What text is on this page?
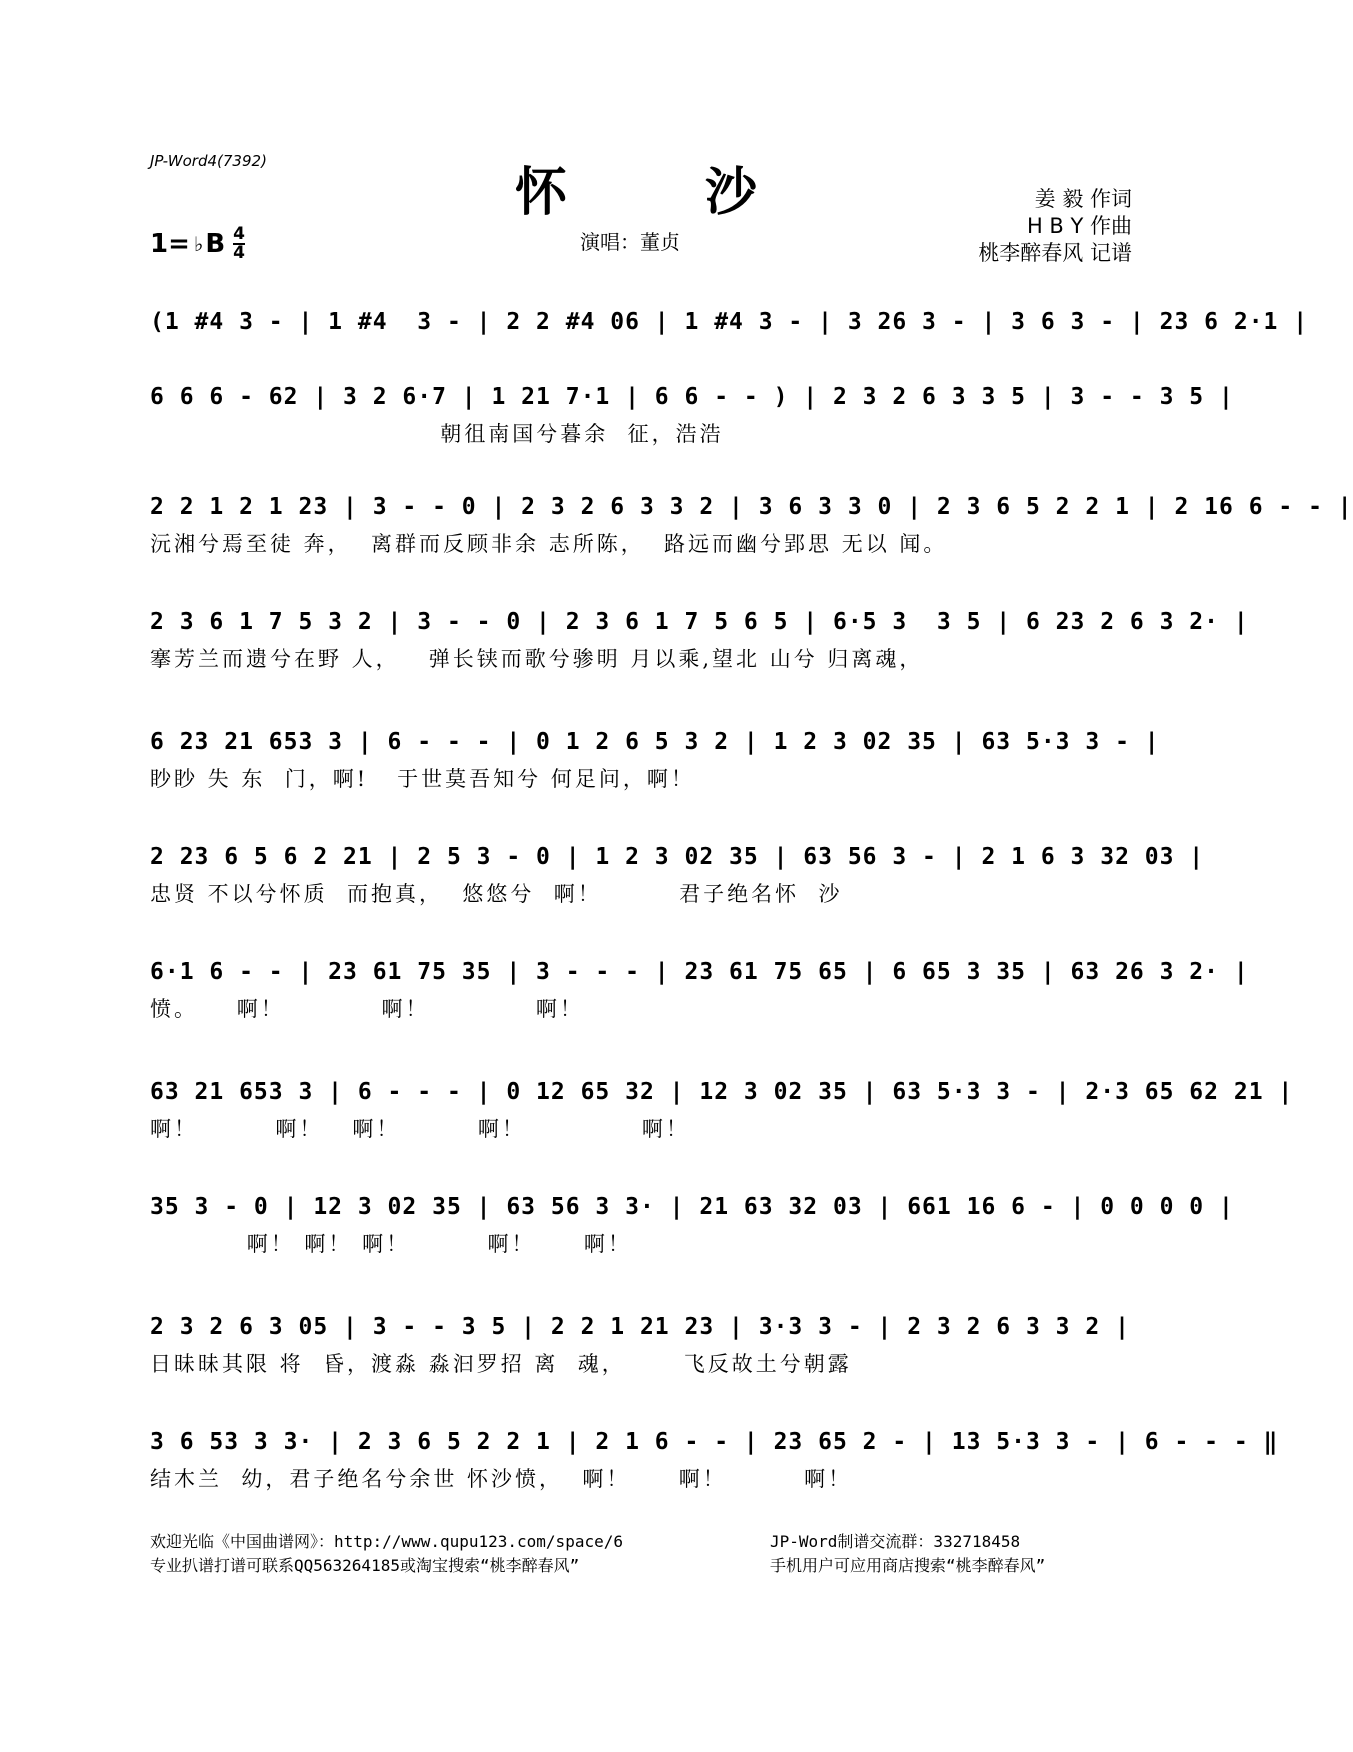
JP-Word4(7392)
怀 沙	姜 毅 作词
H B Y 作曲
桃李醉春风 记谱
1= ♭ B 4
4	演唱：董贞
(1 #4 3 - | 1 #4  3 - | 2 2 #4 06 | 1 #4 3 - | 3 26 3 - | 3 6 3 - | 23 6 2·1 |
6 6 6 - 62 | 3 2 6·7 | 1 21 7·1 | 6 6 - - ) | 2 3 2 6 3 3 5 | 3 - - 3 5 |
朝徂南国兮暮余  征，浩浩
2 2 1 2 1 23 | 3 - - 0 | 2 3 2 6 3 3 2 | 3 6 3 3 0 | 2 3 6 5 2 2 1 | 2 16 6 - - |
沅湘兮焉至徒 奔，  离群而反顾非余 志所陈，  路远而幽兮郢思 无以 闻。
2 3 6 1 7 5 3 2 | 3 - - 0 | 2 3 6 1 7 5 6 5 | 6·5 3  3 5 | 6 23 2 6 3 2· |
搴芳兰而遗兮在野 人，   弹长铗而歌兮骖明 月以乘,望北 山兮 归离魂，
6 23 21 653 3 | 6 - - - | 0 1 2 6 5 3 2 | 1 2 3 02 35 | 63 5·3 3 - |
眇眇 失 东  门，啊!   于世莫吾知兮 何足问，啊！
2 23 6 5 6 2 21 | 2 5 3 - 0 | 1 2 3 02 35 | 63 56 3 - | 2 1 6 3 32 03 |
忠贤 不以兮怀质  而抱真，  悠悠兮  啊！        君子绝名怀  沙
6·1 6 - - | 23 61 75 35 | 3 - - - | 23 61 75 65 | 6 65 3 35 | 63 26 3 2· |
愤。    啊！          啊！           啊！
63 21 653 3 | 6 - - - | 0 12 65 32 | 12 3 02 35 | 63 5·3 3 - | 2·3 65 62 21 |
啊！        啊！   啊！        啊！            啊！
35 3 - 0 | 12 3 02 35 | 63 56 3 3· | 21 63 32 03 | 661 16 6 - | 0 0 0 0 |
啊！ 啊！ 啊！        啊！     啊！
2 3 2 6 3 05 | 3 - - 3 5 | 2 2 1 21 23 | 3·3 3 - | 2 3 2 6 3 3 2 |
日昧昧其限 将  昏，渡淼 淼汩罗招 离  魂，      飞反故土兮朝露
3 6 53 3 3· | 2 3 6 5 2 2 1 | 2 1 6 - - | 23 65 2 - | 13 5·3 3 - | 6 - - - ‖
结木兰  幼，君子绝名兮余世 怀沙愤，  啊！     啊！        啊！
欢迎光临《中国曲谱网》：http://www.qupu123.com/space/6
专业扒谱打谱可联系QQ563264185或淘宝搜索“桃李醉春风”
JP-Word制谱交流群：332718458
手机用户可应用商店搜索“桃李醉春风”
